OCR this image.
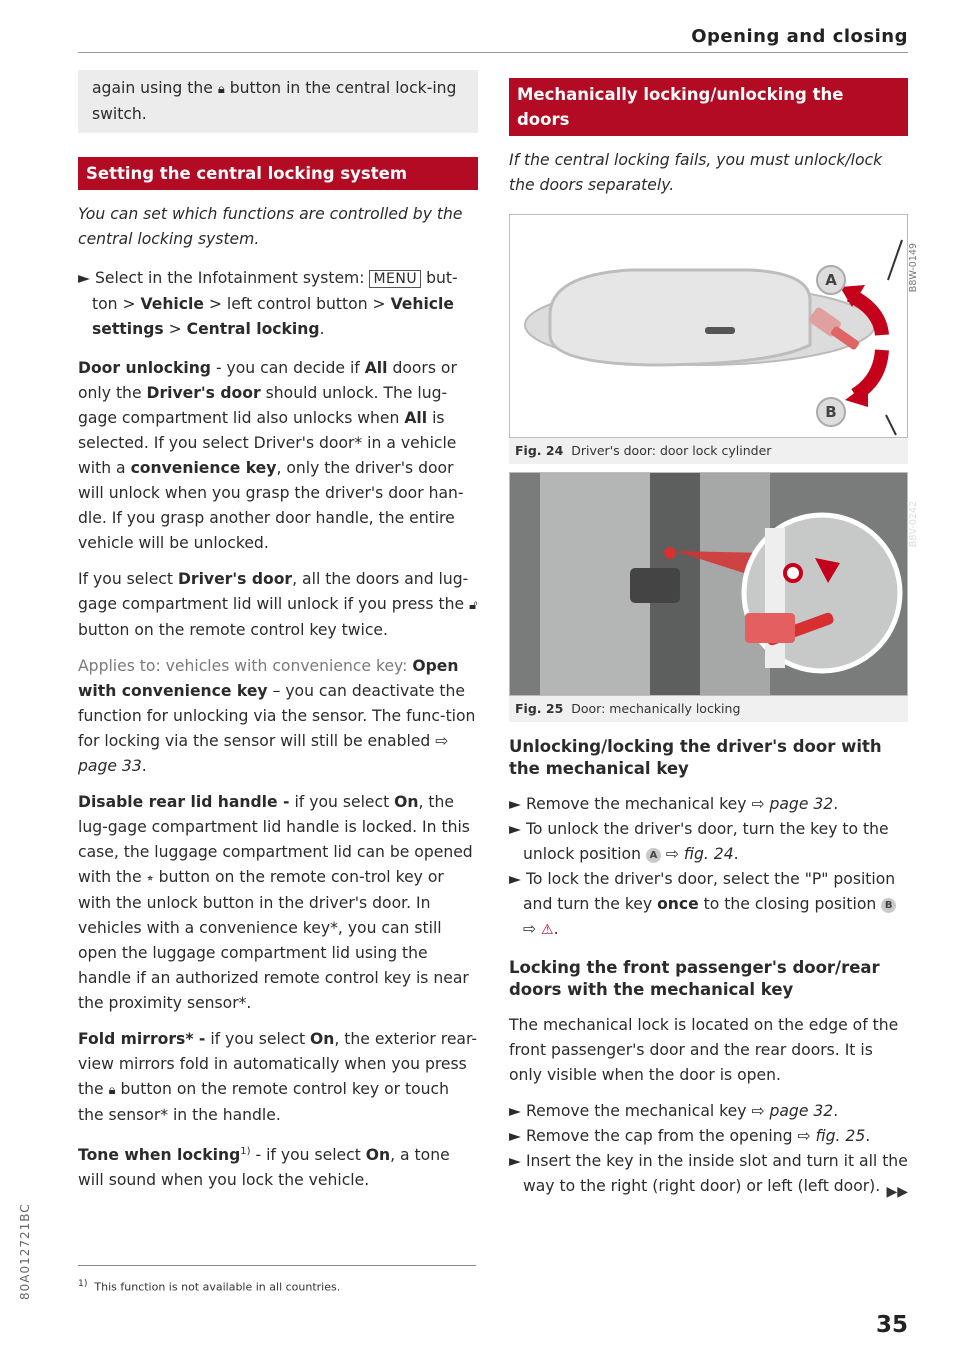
Opening and closing
again using the 🔒︎ button in the central lock-ing switch.
Setting the central locking system
You can set which functions are controlled by the central locking system.
► Select in the Infotainment system: MENU but-ton > Vehicle > left control button > Vehicle settings > Central locking.

Door unlocking - you can decide if All doors or only the Driver's door should unlock. The lug-gage compartment lid also unlocks when All is selected. If you select Driver's door* in a vehicle with a convenience key, only the driver's door will unlock when you grasp the driver's door han-dle. If you grasp another door handle, the entire vehicle will be unlocked.

If you select Driver's door, all the doors and lug-gage compartment lid will unlock if you press the 🔓︎ button on the remote control key twice.

Applies to: vehicles with convenience key: Open with convenience key – you can deactivate the function for unlocking via the sensor. The func-tion for locking via the sensor will still be enabled ⇨ page 33.

Disable rear lid handle - if you select On, the lug-gage compartment lid handle is locked. In this case, the luggage compartment lid can be opened with the ⭒ button on the remote con-trol key or with the unlock button in the driver's door. In vehicles with a convenience key*, you can still open the luggage compartment lid using the handle if an authorized remote control key is near the proximity sensor*.

Fold mirrors* - if you select On, the exterior rear-view mirrors fold in automatically when you press the 🔒︎ button on the remote control key or touch the sensor* in the handle.

Tone when locking$^{1)}$ - if you select On, a tone will sound when you lock the vehicle.

$^{1)}$ This function is not available in all countries.
Mechanically locking/unlocking the doors
If the central locking fails, you must unlock/lock the doors separately.
A
B
B8W-0149
Fig. 24 Driver's door: door lock cylinder
B8V-0242
Fig. 25 Door: mechanically locking
Unlocking/locking the driver's door with the mechanical key
► Remove the mechanical key ⇨ page 32.
► To unlock the driver's door, turn the key to the unlock position A ⇨ fig. 24.
► To lock the driver's door, select the "P" position and turn the key once to the closing position B
⇨ ⚠.
Locking the front passenger's door/rear doors with the mechanical key

The mechanical lock is located on the edge of the front passenger's door and the rear doors. It is only visible when the door is open.

► Remove the mechanical key ⇨ page 32.
► Remove the cap from the opening ⇨ fig. 25.
► Insert the key in the inside slot and turn it all the way to the right (right door) or left (left door). ▶▶
80A012721BC
35
